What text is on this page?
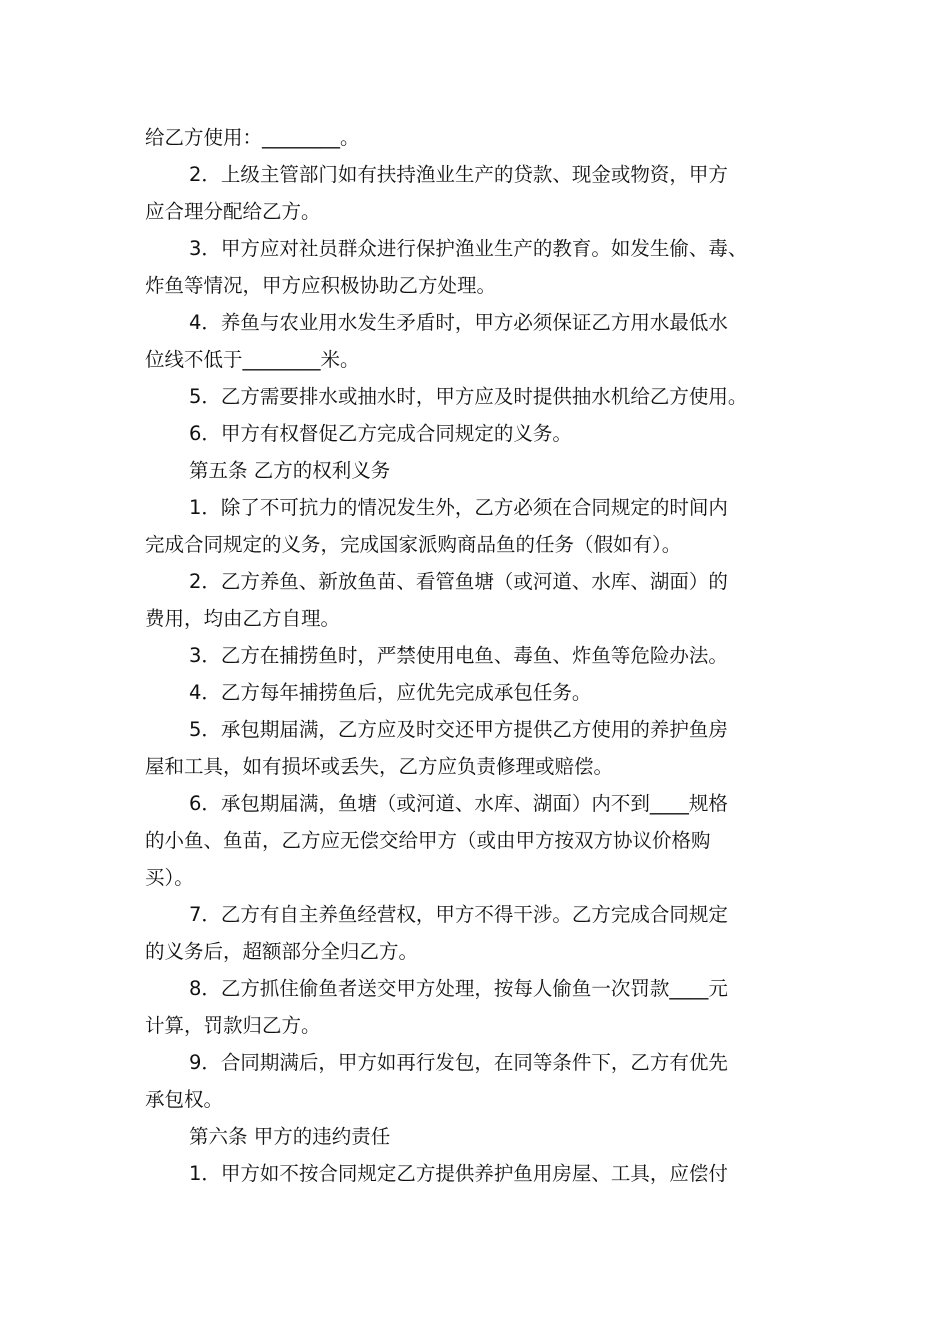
给乙方使用：________。
2．上级主管部门如有扶持渔业生产的贷款、现金或物资，甲方
应合理分配给乙方。
3．甲方应对社员群众进行保护渔业生产的教育。如发生偷、毒、
炸鱼等情况，甲方应积极协助乙方处理。
4．养鱼与农业用水发生矛盾时，甲方必须保证乙方用水最低水
位线不低于________米。
5．乙方需要排水或抽水时，甲方应及时提供抽水机给乙方使用。
6．甲方有权督促乙方完成合同规定的义务。
第五条 乙方的权利义务
1．除了不可抗力的情况发生外，乙方必须在合同规定的时间内
完成合同规定的义务，完成国家派购商品鱼的任务（假如有）。
2．乙方养鱼、新放鱼苗、看管鱼塘（或河道、水库、湖面）的
费用，均由乙方自理。
3．乙方在捕捞鱼时，严禁使用电鱼、毒鱼、炸鱼等危险办法。
4．乙方每年捕捞鱼后，应优先完成承包任务。
5．承包期届满，乙方应及时交还甲方提供乙方使用的养护鱼房
屋和工具，如有损坏或丢失，乙方应负责修理或赔偿。
6．承包期届满，鱼塘（或河道、水库、湖面）内不到____规格
的小鱼、鱼苗，乙方应无偿交给甲方（或由甲方按双方协议价格购
买）。
7．乙方有自主养鱼经营权，甲方不得干涉。乙方完成合同规定
的义务后，超额部分全归乙方。
8．乙方抓住偷鱼者送交甲方处理，按每人偷鱼一次罚款____元
计算，罚款归乙方。
9．合同期满后，甲方如再行发包，在同等条件下，乙方有优先
承包权。
第六条 甲方的违约责任
1．甲方如不按合同规定乙方提供养护鱼用房屋、工具，应偿付
